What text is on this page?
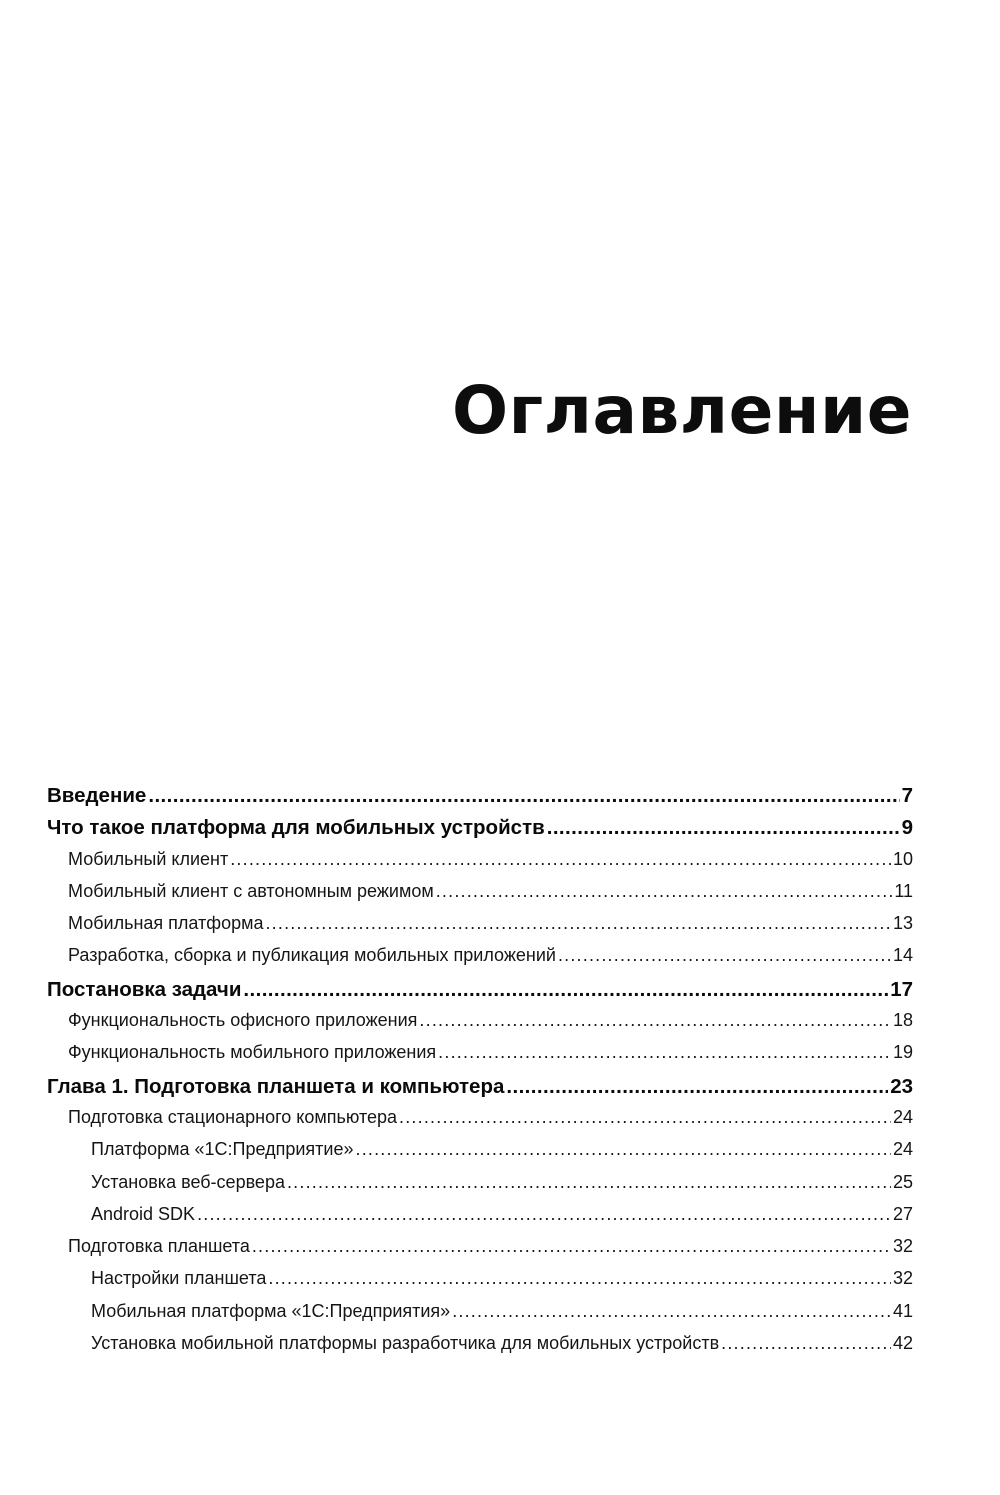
Оглавление
Введение .....	7
Что такое платформа для мобильных устройств .....	9
Мобильный клиент .....	10
Мобильный клиент с автономным режимом .....	11
Мобильная платформа .....	13
Разработка, сборка и публикация мобильных приложений .....	14
Постановка задачи .....	17
Функциональность офисного приложения .....	18
Функциональность мобильного приложения .....	19
Глава 1. Подготовка планшета и компьютера .....	23
Подготовка стационарного компьютера .....	24
Платформа «1С:Предприятие» .....	24
Установка веб-сервера .....	25
Android SDK .....	27
Подготовка планшета .....	32
Настройки планшета .....	32
Мобильная платформа «1С:Предприятия» .....	41
Установка мобильной платформы разработчика для мобильных устройств .....	42
